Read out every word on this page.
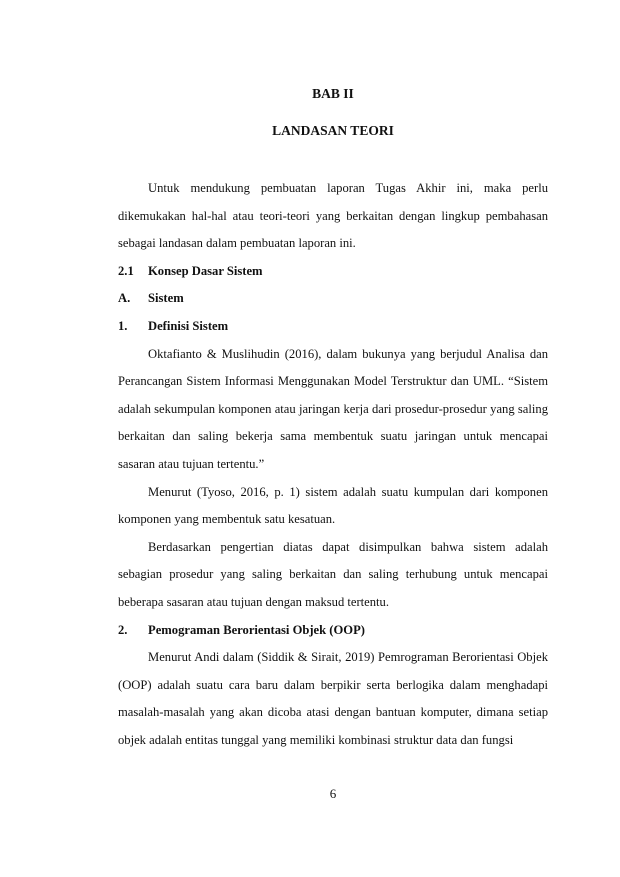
BAB II
LANDASAN TEORI

Untuk mendukung pembuatan laporan Tugas Akhir ini, maka perlu dikemukakan hal-hal atau teori-teori yang berkaitan dengan lingkup pembahasan sebagai landasan dalam pembuatan laporan ini.

2.1	Konsep Dasar Sistem
A.	Sistem
1.	Definisi Sistem

Oktafianto & Muslihudin (2016), dalam bukunya yang berjudul Analisa dan Perancangan Sistem Informasi Menggunakan Model Terstruktur dan UML. “Sistem adalah sekumpulan komponen atau jaringan kerja dari prosedur-prosedur yang saling berkaitan dan saling bekerja sama membentuk suatu jaringan untuk mencapai sasaran atau tujuan tertentu.”

Menurut (Tyoso, 2016, p. 1) sistem adalah suatu kumpulan dari komponen komponen yang membentuk satu kesatuan.

Berdasarkan pengertian diatas dapat disimpulkan bahwa sistem adalah sebagian prosedur yang saling berkaitan dan saling terhubung untuk mencapai beberapa sasaran atau tujuan dengan maksud tertentu.

2.	Pemograman Berorientasi Objek (OOP)

Menurut Andi dalam (Siddik & Sirait, 2019) Pemrograman Berorientasi Objek (OOP) adalah suatu cara baru dalam berpikir serta berlogika dalam menghadapi masalah-masalah yang akan dicoba atasi dengan bantuan komputer, dimana setiap objek adalah entitas tunggal yang memiliki kombinasi struktur data dan fungsi

6
